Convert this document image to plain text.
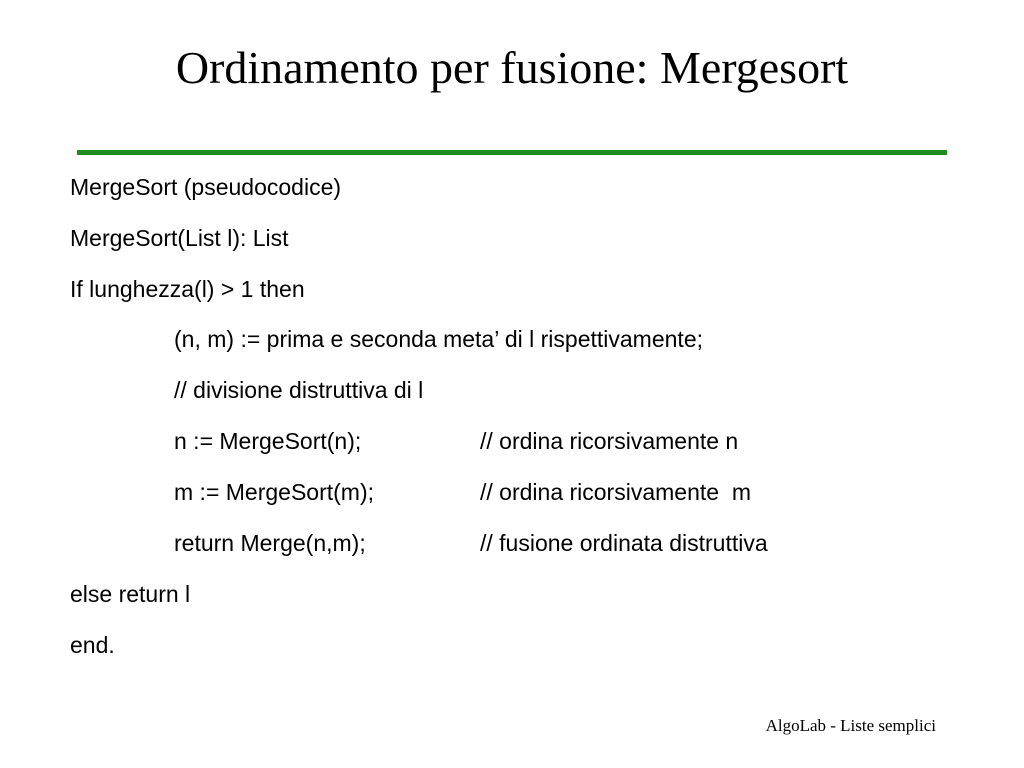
Ordinamento per fusione: Mergesort
MergeSort (pseudocodice)
MergeSort(List l): List
If lunghezza(l) > 1 then
(n, m) := prima e seconda meta’ di l rispettivamente;
// divisione distruttiva di l
n := MergeSort(n);	// ordina ricorsivamente n
m := MergeSort(m);	// ordina ricorsivamente  m
return Merge(n,m);	// fusione ordinata distruttiva
else return l
end.
AlgoLab - Liste semplici
